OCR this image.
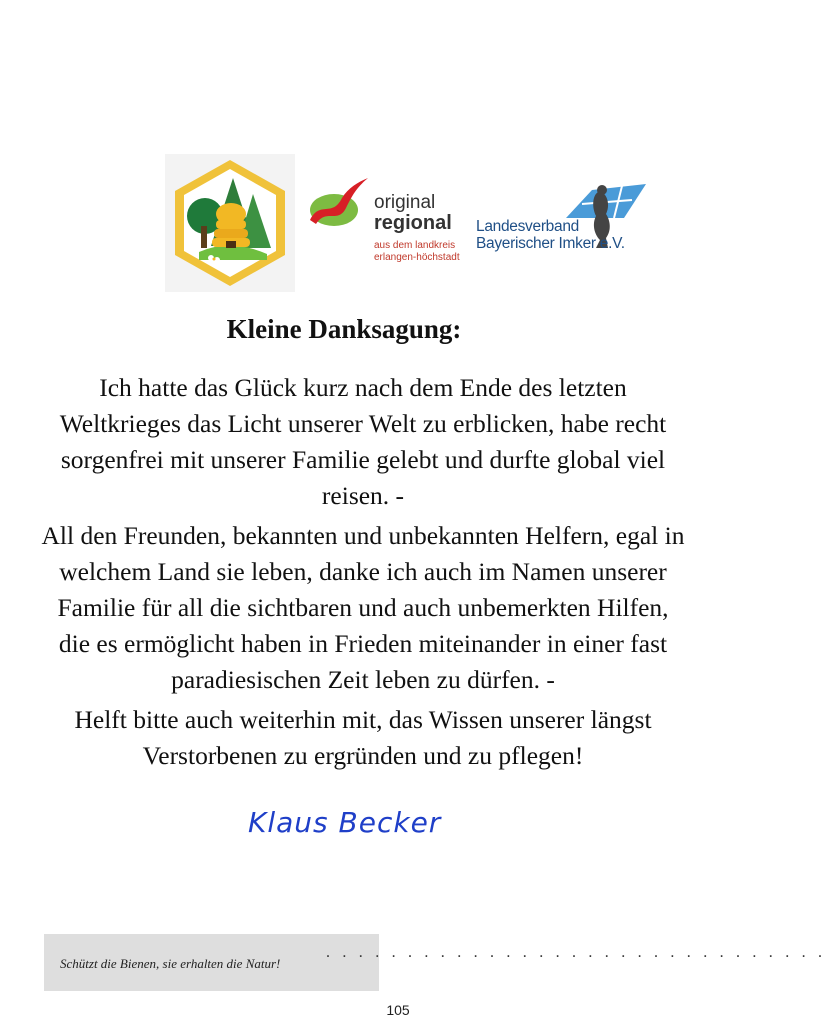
original
regional
aus dem landkreis
erlangen-höchstadt
Landesverband
Bayerischer Imker e.V.
Kleine Danksagung:

Ich hatte das Glück kurz nach dem Ende des letzten Weltkrieges das Licht unserer Welt zu erblicken, habe recht sorgenfrei mit unserer Familie gelebt und durfte global viel reisen. -

All den Freunden, bekannten und unbekannten Helfern, egal in welchem Land sie leben, danke ich auch im Namen unserer Familie für all die sichtbaren und auch unbemerkten Hilfen, die es ermöglicht haben in Frieden miteinander in einer fast paradiesischen Zeit leben zu dürfen. -

Helft bitte auch weiterhin mit, das Wissen unserer längst Verstorbenen zu ergründen und zu pflegen!

Klaus Becker
Schützt die Bienen, sie erhalten die Natur!
. . . . . . . . . . . . . . . . . . . . . . . . . . . . . . .
105
